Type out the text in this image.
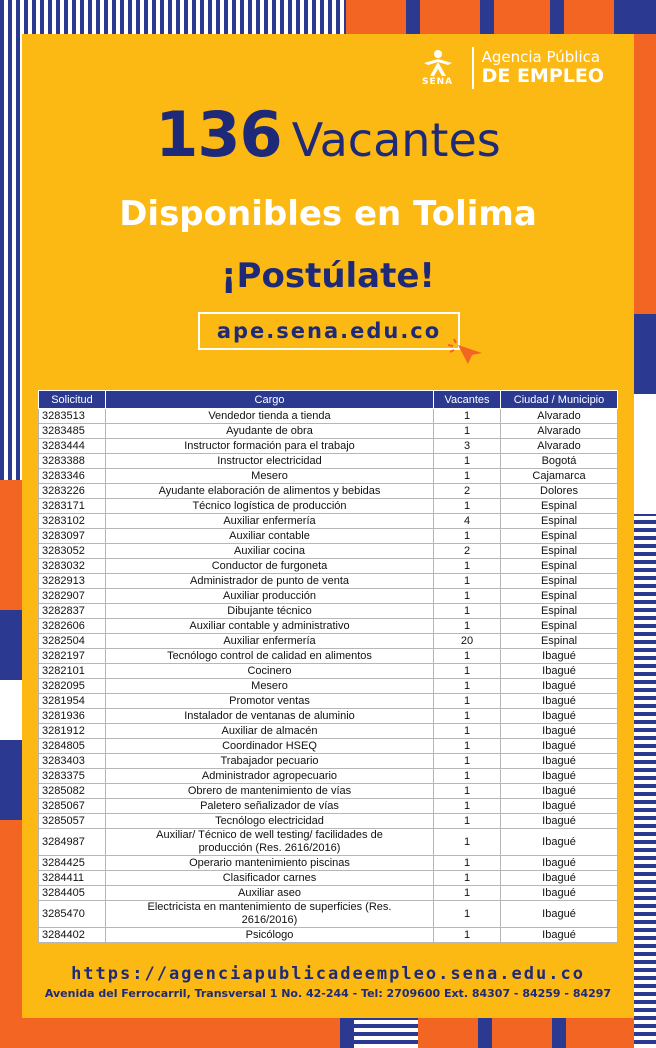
SENA
Agencia Pública
DE EMPLEO
136 Vacantes
Disponibles en Tolima
¡Postúlate!
ape.sena.edu.co
Solicitud	Cargo	Vacantes	Ciudad / Municipio
3283513	Vendedor tienda a tienda	1	Alvarado
3283485	Ayudante de obra	1	Alvarado
3283444	Instructor formación para el trabajo	3	Alvarado
3283388	Instructor electricidad	1	Bogotá
3283346	Mesero	1	Cajamarca
3283226	Ayudante elaboración de alimentos y bebidas	2	Dolores
3283171	Técnico logística de producción	1	Espinal
3283102	Auxiliar enfermería	4	Espinal
3283097	Auxiliar contable	1	Espinal
3283052	Auxiliar cocina	2	Espinal
3283032	Conductor de furgoneta	1	Espinal
3282913	Administrador de punto de venta	1	Espinal
3282907	Auxiliar producción	1	Espinal
3282837	Dibujante técnico	1	Espinal
3282606	Auxiliar contable y administrativo	1	Espinal
3282504	Auxiliar enfermería	20	Espinal
3282197	Tecnólogo control de calidad en alimentos	1	Ibagué
3282101	Cocinero	1	Ibagué
3282095	Mesero	1	Ibagué
3281954	Promotor ventas	1	Ibagué
3281936	Instalador de ventanas de aluminio	1	Ibagué
3281912	Auxiliar de almacén	1	Ibagué
3284805	Coordinador HSEQ	1	Ibagué
3283403	Trabajador pecuario	1	Ibagué
3283375	Administrador agropecuario	1	Ibagué
3285082	Obrero de mantenimiento de vías	1	Ibagué
3285067	Paletero señalizador de vías	1	Ibagué
3285057	Tecnólogo electricidad	1	Ibagué
3284987	Auxiliar/ Técnico de well testing/ facilidades de producción (Res. 2616/2016)	1	Ibagué
3284425	Operario mantenimiento piscinas	1	Ibagué
3284411	Clasificador carnes	1	Ibagué
3284405	Auxiliar aseo	1	Ibagué
3285470	Electricista en mantenimiento de superficies (Res. 2616/2016)	1	Ibagué
3284402	Psicólogo	1	Ibagué
https://agenciapublicadeempleo.sena.edu.co
Avenida del Ferrocarril, Transversal 1 No. 42-244 - Tel: 2709600 Ext. 84307 - 84259 - 84297
